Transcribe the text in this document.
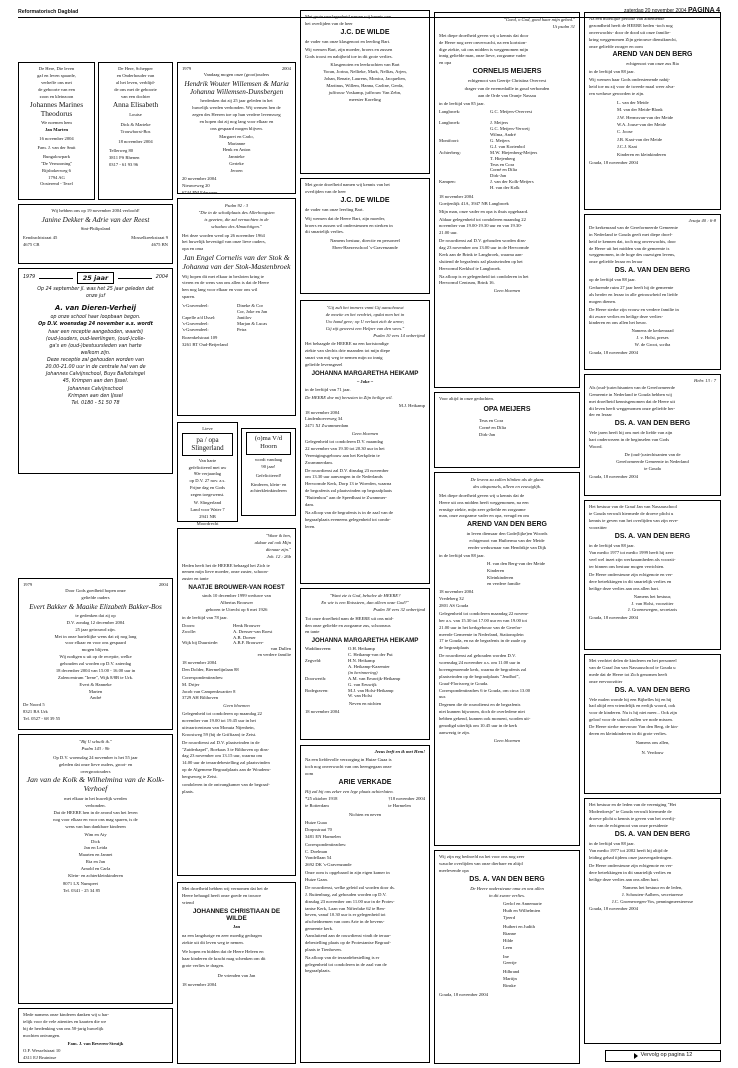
Reformatorisch Dagblad	zaterdag 20 november 2004 PAGINA 4

De Here, Die leven

gaf en leven spaarde,

verheffe ons met

de geboorte van een

zoon en kleinzoon

Johannes Marines Theodorus

We noemen hem

Jan Marten

16 november 2004

Fam. J. van der Smit

Bungalowpark

"De Vernooning"

Rijsbokerweg 6

1794 AG

Oosterend - Texel

De Here, Schepper

en Onderhouder van

al het leven, verblijd-

de ons met de geboorte

van een dochter

Anna Elisabeth

Louise

Dick & Marieke

Trouwborst-Bos

18 november 2004

Tellerweg 80

3811 PS Rhenen

0317 - 61 93 96

Wij hebben ons op 19 november 2004 verloofd!

Janine Dekker & Adrie van der Reest

Sint-Philipsland

Eendrachtstraat 45

4675 CB

Mosselkreekstraat 9

4675 BN

1979	25 jaar	2004

Op 24 september jl. was het 25 jaar geleden dat

onze juf

A. van Dieren-Verheij

op onze school haar loopbaan begon.

Op D.V. woensdag 24 november a.s. wordt

haar een receptie aangeboden, waarbij

(oud-)ouders, oud-leerlingen, (oud-)colle-

ga's en (oud-)bestuursleden van harte

welkom zijn.

Deze receptie zal gehouden worden van

20.00-21.00 uur in de centrale hal van de

Johannes Calvijnschool, Buys Ballotsingel

45, Krimpen aan den IJssel.

Johannes Calvijnschool

Krimpen aan den IJssel

Tel. 0180 - 51 50 78

1979	2004

Door Gods goedheid hopen onze

geliefde ouders

Evert Bakker & Maaike Elizabeth Bakker-Bos

te gedenken dat zij op

D.V. zondag 12 december 2004

25 jaar getrouwd zijn.

Met in onze harteliijke wens dat zij nog lang

voor elkaar en voor ons gespaard

mogen blijven.

Wij nodigen u uit op de receptie, welke

gehouden zal worden op D.V. zaterdag

18 december 2004 van 15.00 - 16.00 uur in

Zalencentrum "Irene", Wijk 8/8B te Urk.

Evert & Hanneke

Marten

André

De Noord 5

8321 BA Urk

Tel. 0527 - 68 39 55

"Bij U schuilt ik."

Psalm 143 : 9b

Op D.V. woensdag 24 november is het 55 jaar

geleden dat onze lieve ouders, groot- en

overgrootouders

Jan van de Kolk & Wilhelmina van de Kolk-Verhoef

met elkaar in het huwelijk werden

verbonden.

Dat de HEERE hen in de avond van het leven

nog voor elkaar en voor ons mag sparen, is de

wens van hun dankbare kinderen

Wim en Aty

Dick

Jan en Leida

Maarten en Jannet

Ria en Jan

Arnold en Carla

Klein- en achterkleinkinderen

8071 LX Nunspeet

Tel. 0341 - 25 34 85

Mede namens onze kinderen danken wij u har-

telijk voor de vele attenties en kaarten die we

bij de herdenking van ons 50-jarig huwelijk

mochten ontvangen.

Fam. J. van Beveren-Struijk

O.F. Wesselstraat 10

4311 EJ Bruinisse

1979	2004

Vandaag mogen onze (groot)ouders

Hendrik Wouter Willemsen & Maria Johanna Willemsen-Dunsbergen

herdenken dat zij 25 jaar geleden in het

huwelijk werden verbonden. Wij wensen hen de

zegen des Heeren toe op hun verdere levensweg

en hopen dat zij nog lang voor elkaar en

ons gespaard mogen blijven.

Margaret en Carlo,

Marianne

Henk en Anton

Jannieke

Gerieke

Jeroen

20 november 2004

Nieuweweg 20

6744 PM Ederveen

Psalm 92 : 3

"Die in de schuilplaats des Allerhoogsten

is gezeten, die zal vernachten in de

schaduw des Almachtigen."

Het deze worden werd op 26 november 1964

het huwelijk bevestigd van onze lieve ouders,

opa en oma

Jan Engel Cornelis van der Stok & Johanna van der Stok-Mastenbroek

Wij hopen dit met elkaar in besloten kring te

vieren en de wens van ons allen is dat de Heere

hen nog lang voor elkaar en voor ons wil

sparen.

's-Gravendeel:	Dineke & Cor
Cor, Joke en Jan
Capelle a/d IJssel:	Janiilov
's-Gravendeel:	Marjan & Lucas
's-Gravendeel:	Petra

Rozenkelstraat 109

3261 BT Oud-Beijerland

Lieve

pa / opa Slingerland

Van harte

gefeliciteerd met uw

90e verjaardag

op D.V. 27 nov. a.s.

Frijne dag en Gods

zegen toegewenst.

W. Slingerland

Land voor Water 7

2941 NB

Moordrecht

(o)ma V/d Hoorn

wordt vandaag

90 jaar!

Gefeliciteerd!

Kinderen, klein- en

achterkleinkinderen

"Waar ik ben,

aldaar zal ook Mijn

dienaar zijn."

Joh. 12 : 26b

Heden heeft het de HEERE behaagd het Zich te

nemen mijn lieve moeder, onze zuster, schoon-

zuster en tante

NAATJE BROUWER-VAN ROEST

sinds 10 december 1999 weduwe van

Albertus Brouwer

geboren te Utrecht op 6 mei 1926

in de leeftijd van 78 jaar.

Doorn:	Henk Brouwer
Zwolle:	A. Dresser-van Roest
A.B. Doeser
Wijk bij Duurstede:	A.B.F. Brouwer-
van Dullen

en verdere familie

18 november 2004

Den Dolder, Biermelijnlaan 88

Correspondentieadres:

M. Drijer

Jacob van Campenkwartier 8

3729 AH Bilthoven

Geen bloemen

Gelegenheid tot condoleren op maandag 22

november van 19.00 tot 19.45 uur in het

uitvaartcentrum van Monuta Nijenhein,

Kroostweg 59 (bij de Griffiaan) te Zeist.

De rouwdienst zal D.V. plaatsvinden in de

"Zuiderkapel", Boekaas 3 te Bilthoven op dins-

dag 23 november om 13.15 uur, waarna om

14.00 uur de teraardebestelling zal plaatsvinden

op de Algemene Begraafplaats aan de Woudens-

bergseweg te Zeist.

condoleren in de ontvangkamer van de begraaf-

plaats.

Met droefheid hebben wij vernomen dat het de

Heere behaagd heeft onze goede en trouwe

vriend

JOHANNES CHRISTIAAN DE WILDE

Jan

na een langdurige en zeer moedig gedragen

ziekte uit dit leven weg te nemen.

We hopen en bidden dat de Heere Heleen en

haar kinderen de kracht mag schenken om dit

grote verlies te dragen.

De vrienden van Jan

18 november 2004

Met grote verslagenheid namen wij kennis van

het overlijden van de heer

J.C. DE WILDE

de vader van onze klasgenoot en leerling Bart.

Wij wensen Bart, zijn moeder, broers en zussen

Gods troost en nabijheid toe in dit grote verlies.

Klasgenoten en leerkrachten van Bart

Yoran, Jorina, Nellieke, Mark, Nellias, Arjen,

Johan, Renate, Laurens, Monica, Jacquelien,

Martinus, Willem, Hanna, Carline, Gerda,

juffrouw Voskamp, juffrouw Van Zebn,

meester Koreling

Met grote droefheid namen wij kennis van het

overlijden van de heer

J.C. DE WILDE

de vader van onze leerling Bart.

Wij wensen dat de Heere Bart, zijn moeder,

broers en zussen wil ondersteunen en sterken in

dit smartelijk verlies.

Namens bestuur, directie en personeel

Eben-Haezerschool 's-Gravenzande

"Gij zult het immers vnmt Gij aanschouwt

de moeite en het verdriet, opdat men het in

Uw hand geve; op U verlaat zich de arme;

Gij zijt geweest een Helper van den wees."

Psalm 10 vers 14 onberijmd

Het behaagde de HEERE na een kortstondige

ziekte van slechts drie maanden tot mijn diepe

smart van mij weg te nemen mijn zo innig

geliefde levensgezel

JOHANNA MARGARETHA HEIKAMP

~ Joke ~

in de leeftijd van 71 jaar.

De HEERE doe mij berusten in Zijn heilige wil.

M.J. Heikamp

18 november 2004

Lindenhoeveweg 34

2471 XJ Zwammerdam

Geen bloemen

Gelegenheid tot condoleren D.V. maandag

22 november van 19.30 tot 20.30 uur in het

Verenigingsgebouw aan het Kerkplein te

Zwammerdam.

De rouwdienst zal D.V. dinsdag 23 november

om 13.30 uur aanvangen in de Nederlands

Hervormde Kerk, Dorp 13 te Woerden, waarna

de begrafenis zal plaatsvinden op begraafplaats

"Buitenhou" aan de Speedhaai te Zwammer-

dam.

Na afloop van de begrafenis is in de zaal van de

begraafplaats eveneens gelegenheid tot condo-

leren.

"Want zie is God, behalve de HEERE?

En wie is een Rotssteen, dan alleen onze God?"

Psalm 18 vers 32 onberijmd

Tot onze droefheid nam de HEERE uit ons mid-

den onze geliefde en zorgzame zus, schoonzus

en tante

JOHANNA MARGARETHA HEIKAMP
Waddinxveen:	O.H. Heikamp
C. Heikamp-van der Put
Zegveld:	H.N. Heikamp
A. Heikamp-Kazemier
(in herinnering)
Doorwerth:	A.M. van Eeuwijk-Heikamp
G. van Eeuwijk
Bodegraven:	M.J. van Holst-Heikamp
W. van Holst

Neven en nichten

18 november 2004

Jezus leeft en ik met Hem!

Na een liefdevolle verzorging in Huize Guaa is

toch nog onverwacht van ons heengegaan onze

oom

ARIE VERKADE

Hij zal bij ons zeker een lege plaats achterlaten.

*25 oktober 1918

te Rotterdam

†18 november 2004

te Harmelen

Nichten en neven

Huize Guaa

Dorpsstraat 70

3481 EN Harmelen

Correspondentieadres:

C. Doelman

Vondellaan 54

2692 DK 's-Gravenzande

Onze oom is opgebaard in zijn eigen kamer in

Huize Gaan.

De rouwdienst, welke geleid zal worden door ds.

J. Ruitenburg, zal gehouden worden op D.V.

dinsdag 23 november om 11.00 uur in de Protes-

tantse Kerk, Laan van Nifterlake 62 te Ben-

heven, vanaf 10.30 uur is er gelegenheid tot

afscheidnemen van oom Arie in de bevens-

gemeente kerk.

Aansluitend aan de rouwdienst vindt de teraar-

debestelling plaats op de Protestantse Begraaf-

plaats te Tienhoven.

Na afloop van de teraardebestelling is er

gelegenheid tot condoleren in de zaal van de

begraafplaats.

"Goed, o God, goed haar mijn gebed."

Ut psalm 31

Met diepe droefheid geven wij u kennis dat door

de Heere nog zeer onverwacht, na een kortston-

dige ziekte, uit ons midden is weggenomen mijn

innig geliefde man, onze lieve, zorgzame vader

en opa

CORNELIS MEIJERS

echtgenoot van Geertje Christina Overvest

drager van de erremedaille in goud verbonden

aan de Orde van Oranje Nassau

in de leeftijd van 85 jaar.

Langbroek:	G.C. Meijers-Overvest

Langbroek:	J. Meijers
G.C. Meijers-Verweij
Wilma, André
Montfoort:	G. Meijers
G.J. van Kortenbol
Achterberg:	M.W. Hiejenberg-Meijers
T. Hiejenberg
Teus en Cora
Corné en Dilia
Dirk-Jan
Kampen:	J. van der Kolk-Meijers
H. van der Kolk

18 november 2004

Goeijenlijk 41A, 3947 NB Langbroek

Mijn man, onze vader en opa is thuis opgebaard.

Aldaar gelegenheid tot condoleren maandag 22

november van 19.00-19.30 uur en van 19.30-

21.00 uur.

De rouwdienst zal D.V. gehouden worden dins-

dag 23 november om 13.00 uur in de Hervormde

Kerk aan de Brink te Langbroek, waarna aan-

sluitend de begrafenis zal plaatsvinden op het

Hervormd Kerkhof te Langbroek.

Na afloop is er gelegenheid tot condoleren in het

Hervormd Centrum, Brink 16.

Geen bloemen

Voor altijd in onze gedachten.

OPA MEIJERS

Teus en Cora

Corné en Dilia

Dirk-Jan

De levens zu zullen blinken als de glans

des uitspansels, alleen en eeuwiglijk.

Met diepe droefheid geven wij u kennis dat de

Heere uit ons midden heeft weggenomen, na een

ernstige ziekte, mijn zeer geliefde en zorgzame

man, onze zorgzame vader en opa, vreugd en om

AREND VAN DEN BERG

in leven diensaar den Gode(lijke)en Woords

echtgenoot van Huiberma van der Meide

eerder weduwnaar van Hendrikje van Dijk

in de leeftijd van 88 jaar.

H. van den Berg-van der Meide

Kinderen

Kleinkinderen

en verdere familie

18 november 2004

Vredeberg 32

2801 AS Gouda

Gelegenheid tot condoleren maandag 22 novem-

ber a.s. van 15.30 tot 17.00 uur en van 19.00 tot

21.00 uur in het kerkgebouw van de Gerefor-

meerde Gemeente in Nederland, Stationsplein

17 te Gouda, en na de begrafenis in de zaale op

de begraafplaats

De rouwdienst zal gehouden worden D.V.

woensdag 24 november a.s. om 11.00 uur in

bovengenoemde kerk, waarna de begrafenis zal

plaatsvinden op de begraafplaats "Jeudhof",

Graaf-Florisweg te Gouda.

Correspondentieadres 6 te Gouda, om circa 13.00

uur.

Degenen die de rouwdienst en de begrafenis

niet kunnen bijwonen, doch de overledene niet

hebben gekend, kunnen ook moment, worden uit-

genodigd uiterlijk om 10.45 uur in de kerk

aanwezig te zijn.

Geen bloemen

Wij zijn erg bedroefd na het voor ons nog zeer

wauche overlijden van onze dierbare en altijd

meelevende opa

DS. A. VAN DEN BERG

De Heere ondersteune oma en ons allen

in dit zware verlies.

Gerlof en Annemarie

Huib en Wilhelmien

Tjeerd

Huibert en Judith

Rianne

Hilde

Leen

Ine

Geertje

Hilbrand

Martijn

Rinske

Gouda, 18 november 2004

Na een moeilijke periode van afnemende

gezondheid heeft de HEERE heden -toch nog

onverwachts- door de dood uit onze familie-

kring weggenomen Zijn getrouwe dienstknecht,

onze geliefde zwager en oom

AREND VAN DEN BERG

echtgenoot van onze zus Ria

in de leeftijd van 88 jaar.

Wij wensen haar Gods onderstenende nabij-

heid toe nu zij voor de tweede maal weer alva-

ren weduwe geworden te zijn.

L. van der Meide

M. van der Meide-Blonk

J.W. Hermsvan-van der Meide

W.A. Jouse-van der Meide

C. Joose

J.B. Kaat-van der Meide

J.C.J. Kaat

Kinderen en kleinkinderen

Gouda, 18 november 2004

Jesaja 40 : 6-8

De kerkenraad van de Gereformeerde Gemeente

in Nederland te Gouda geeft met diepe droef-

heid te kennen dat, toch nog onverwachts, door

de Heere uit het midden van de gemeente is

weggenomen, in de hoge des ouzwigen levens,

onze geliefde leraar en leraar

DS. A. VAN DEN BERG

op de leeftijd van 88 jaar.

Gedurende ruim 27 jaar heeft hij de gemeente

als herder en leraar in alle getrouwheid en liefde

mogen dienen.

De Heere sterke zijn vrouw en verdere familie in

dit zware verlies en heilige deze verlies-

kinderen en ons allen het heuw.

Namens de kerkenraad

J. v. Holst, preses

W. de Groot, scriba

Gouda, 18 november 2004

Hebr. 13 : 7

Als (oud-)catechisanten van de Gereformeerde

Gemeente in Nederland te Gouda hebben wij

met droefheid kennisgenomen dat de Heere uit

dit leven heeft weggenomen onze geliefde her-

der en leraar

DS. A. VAN DEN BERG

Vele jaren heeft hij ons met de liefde van zijn

hart onderwezen in de beginselen van Gods

Woord.

De (oud-)catechisanten van de

Gereformeerde Gemeente in Nederland

te Gouda

Gouda, 18 november 2004

Het bestuur van de Grauf Jan van Nassauschool

te Gouda verwult hiermede de droeve plicht u

kennis te geven van het overlijden van zijn erve-

voorzitter

DS. A. VAN DEN BERG

in de leeftijd van 88 jaar.

Van medio 1977 tot medio 1999 heeft hij zeer

veel wel inzet zijn werkzaamheden als voorzit-

ter binnen ons bestuur mogen verrichten.

De Heere ondersteune zijn echtgenote en ver-

dere betrekkingen in dit smartelijk verlies en

heilige deze verlies aan ons allen hart.

Namens het bestuur,

J. van Holst, voorzitter

J. Groenewegen, secretaris

Gouda, 18 november 2004

Met verdriet delen de kinderen en het personeel

van de Graaf Jan van Nassauschool te Gouda u

mede dat de Heere tot Zich genomen heeft

onze erevoorzitter

DS. A. VAN DEN BERG

Vele malen wonde hij een Bijbelles bij en hij

had altijd een vriendelijk en eerlijk woord, ook

voor de kinderen. Nu is hij niet meer... Ook zijn

geloof voor de school zullen we node missen.

De Heere sterke mevrouw Van den Berg, de kin-

deren en kleinkinderen in dit grote verlies.

Namens ons allen,

N. Verdouw

Het bestuur en de leden van de vereniging "Het

Moderdoesje" te Gouda verwult hiermede de

droeve plicht u kennis te geven van het overlij-

den van de echtgenoot van onze presidente

DS. A. VAN DEN BERG

in de leeftijd van 88 jaar.

Van medio 1977 tot 2002 heeft hij altijd de

leiding gehad tijdens onze jaarvergaderingen.

De Heere ondersteune zijn echtgenote en ver-

dere betrekkingen in dit smartelijk verlies en

heilige deze verlies aan ons allen hart.

Namens het bestuur en de leden,

J. Schouten-Aalbers, secretaresse

J.C. Groenewegen-Vos, penningmeesteresse

Gouda, 18 november 2004

Vervolg op pagina 12
